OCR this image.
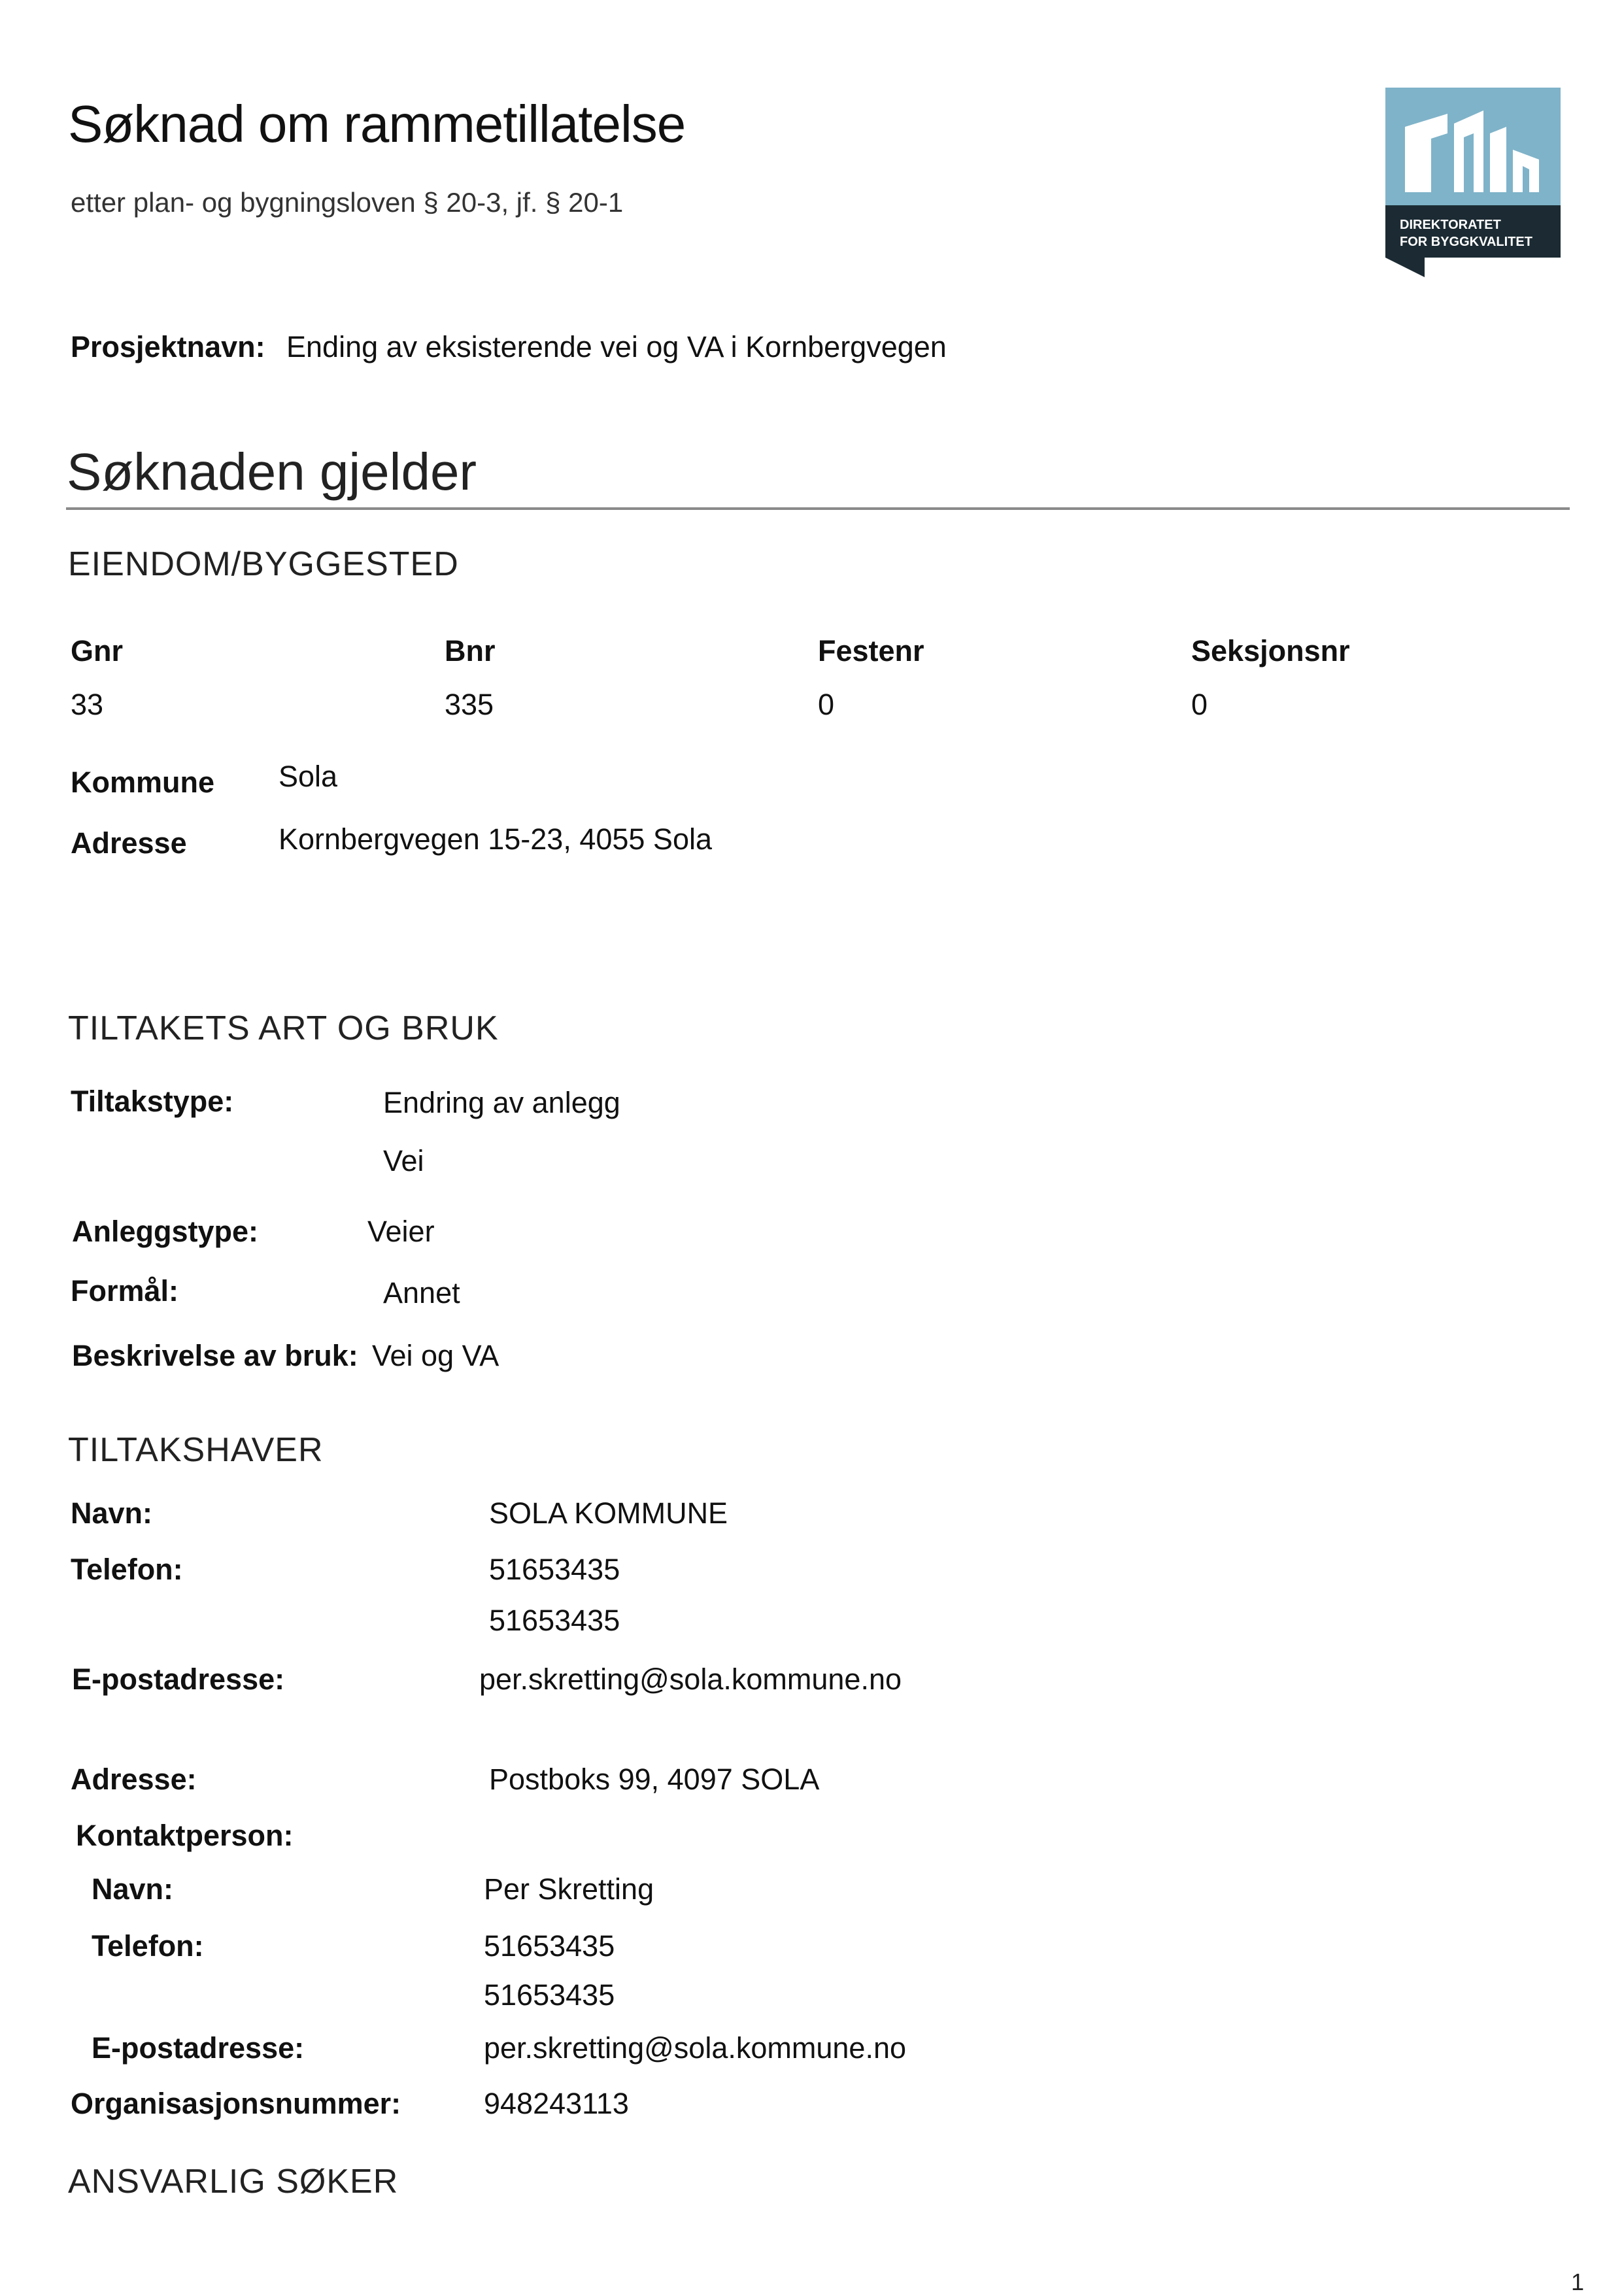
Søknad om rammetillatelse
etter plan- og bygningsloven § 20-3, jf. § 20-1
DIREKTORATET
FOR BYGGKVALITET
Prosjektnavn: Ending av eksisterende vei og VA i Kornbergvegen
Søknaden gjelder
EIENDOM/BYGGESTED
Gnr	Bnr	Festenr	Seksjonsnr
33	335	0	0
Kommune Sola
Adresse	Kornbergvegen 15-23, 4055 Sola
TILTAKETS ART OG BRUK
Tiltakstype:	Endring av anlegg
Vei
Anleggstype:	Veier
Formål:	Annet
Beskrivelse av bruk: Vei og VA
TILTAKSHAVER
Navn:	SOLA KOMMUNE
Telefon:	51653435
51653435
E-postadresse:	per.skretting@sola.kommune.no
Adresse:	Postboks 99, 4097 SOLA
Kontaktperson:
Navn:	Per Skretting
Telefon:	51653435
51653435
E-postadresse:	per.skretting@sola.kommune.no
Organisasjonsnummer:	948243113
ANSVARLIG SØKER
1
